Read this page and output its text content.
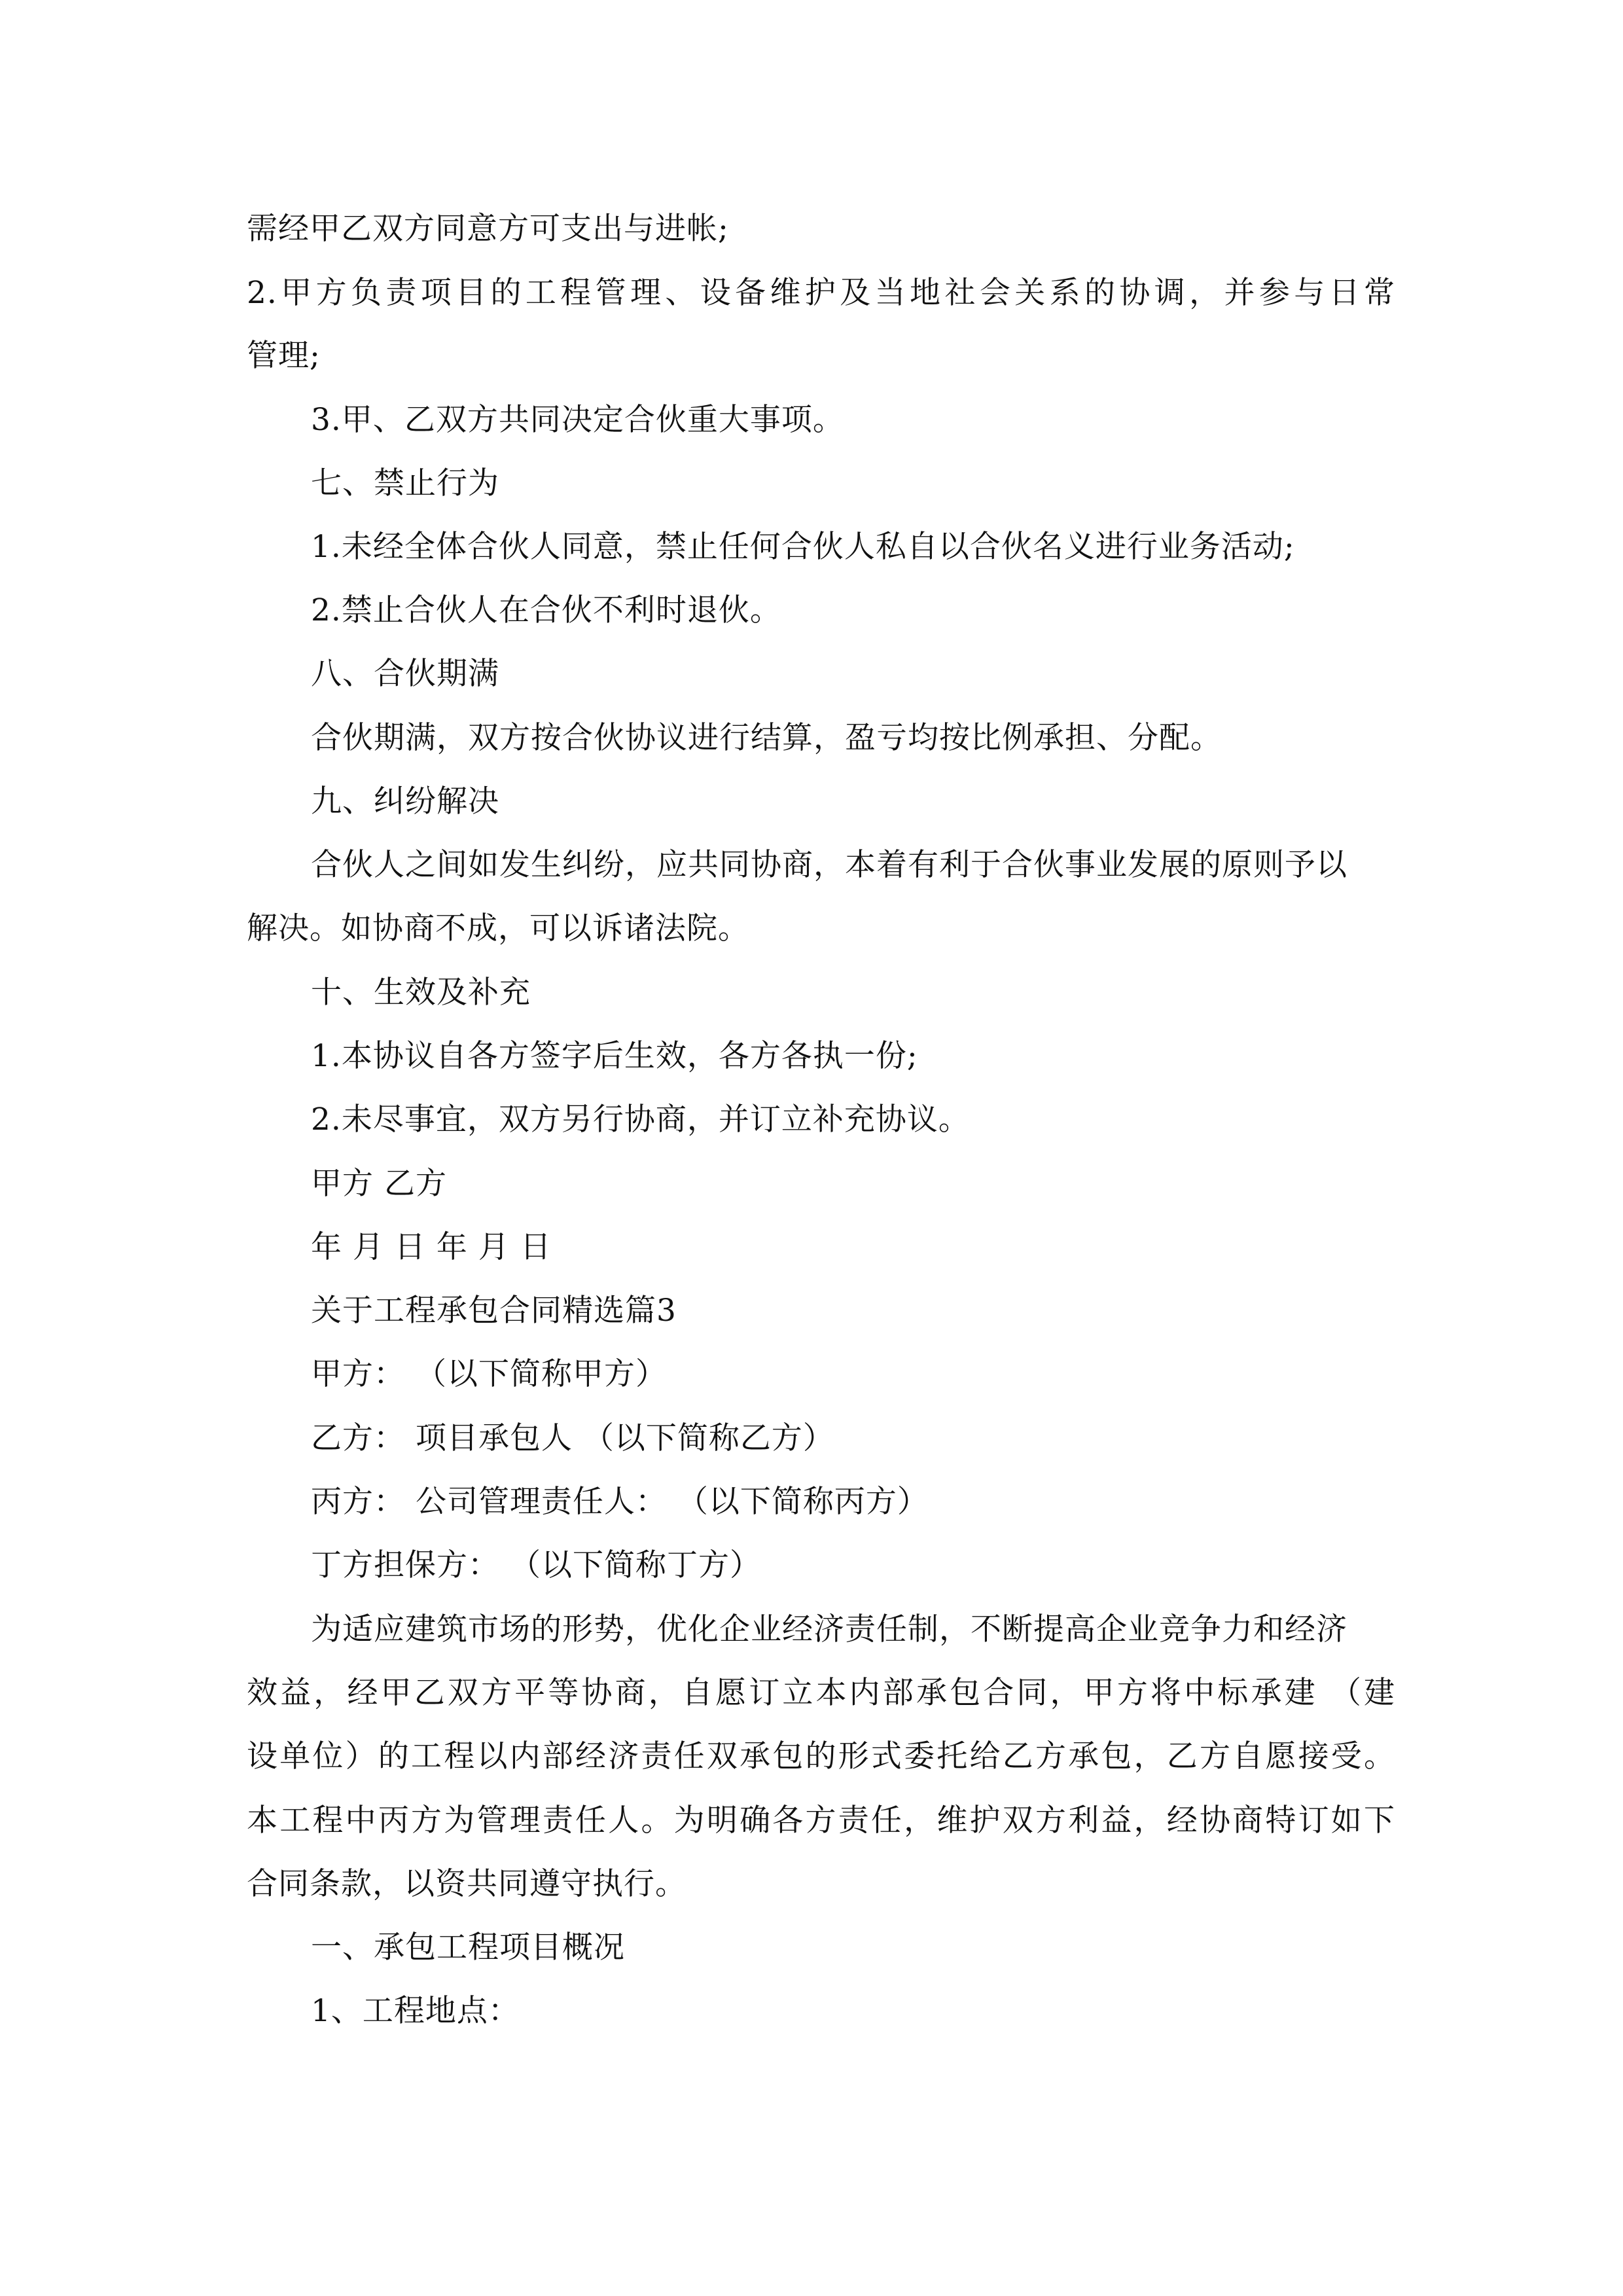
需经甲乙双方同意方可支出与进帐;
2.甲方负责项目的工程管理、设备维护及当地社会关系的协调，并参与日常
管理;
3.甲、乙双方共同决定合伙重大事项。
七、禁止行为
1.未经全体合伙人同意，禁止任何合伙人私自以合伙名义进行业务活动;
2.禁止合伙人在合伙不利时退伙。
八、合伙期满
合伙期满，双方按合伙协议进行结算，盈亏均按比例承担、分配。
九、纠纷解决
合伙人之间如发生纠纷，应共同协商，本着有利于合伙事业发展的原则予以
解决。如协商不成，可以诉诸法院。
十、生效及补充
1.本协议自各方签字后生效，各方各执一份;
2.未尽事宜，双方另行协商，并订立补充协议。
甲方 乙方
年 月 日 年 月 日
关于工程承包合同精选篇3
甲方： （以下简称甲方）
乙方： 项目承包人 （以下简称乙方）
丙方： 公司管理责任人： （以下简称丙方）
丁方担保方： （以下简称丁方）
为适应建筑市场的形势，优化企业经济责任制，不断提高企业竞争力和经济
效益，经甲乙双方平等协商，自愿订立本内部承包合同，甲方将中标承建 （建
设单位）的工程以内部经济责任双承包的形式委托给乙方承包，乙方自愿接受。
本工程中丙方为管理责任人。为明确各方责任，维护双方利益，经协商特订如下
合同条款，以资共同遵守执行。
一、承包工程项目概况
1、工程地点：
